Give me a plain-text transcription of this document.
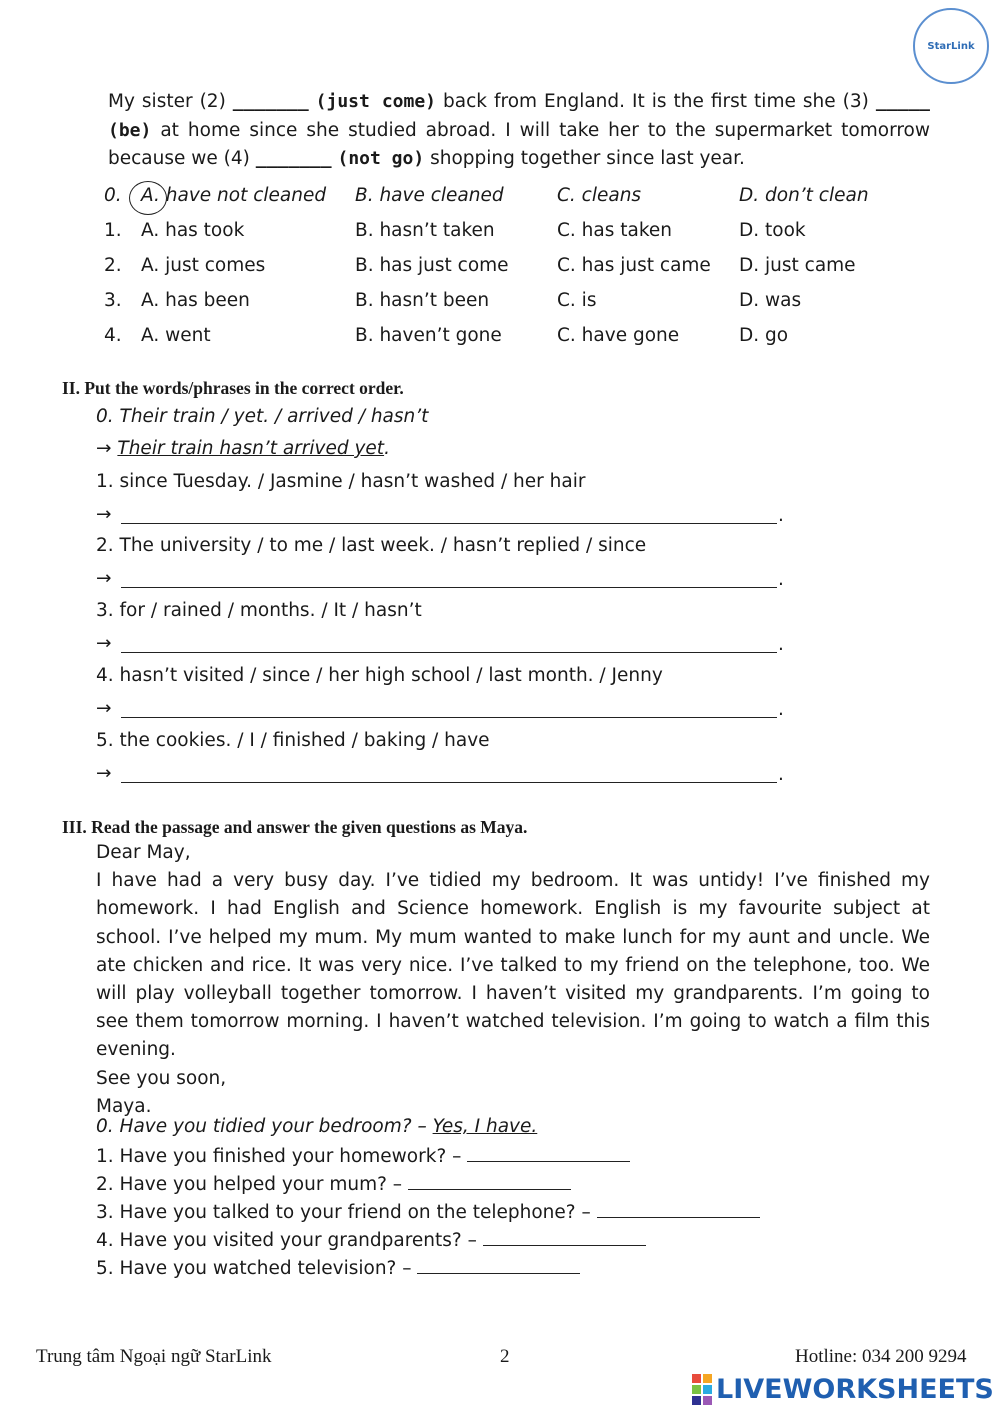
StarLink
My sister (2) _______ (just come) back from England. It is the first time she (3) _____ (be) at home since she studied abroad. I will take her to the supermarket tomorrow because we (4) _______ (not go) shopping together since last year.
0. A. have not cleaned B. have cleaned	C. cleans	D. don’t clean
1. A. has took	B. hasn’t taken	C. has taken	D. took
2. A. just comes	B. has just come	C. has just came D. just came
3. A. has been	B. hasn’t been	C. is	D. was
4. A. went	B. haven’t gone	C. have gone	D. go
II. Put the words/phrases in the correct order.
0. Their train / yet. / arrived / hasn’t
→ Their train hasn’t arrived yet.
1. since Tuesday. / Jasmine / hasn’t washed / her hair
→	.
2. The university / to me / last week. / hasn’t replied / since
→	.
3. for / rained / months. / It / hasn’t
→	.
4. hasn’t visited / since / her high school / last month. / Jenny
→	.
5. the cookies. / I / finished / baking / have
→	.
III. Read the passage and answer the given questions as Maya.
Dear May,
I have had a very busy day. I’ve tidied my bedroom. It was untidy! I’ve finished my homework. I had English and Science homework. English is my favourite subject at school. I’ve helped my mum. My mum wanted to make lunch for my aunt and uncle. We ate chicken and rice. It was very nice. I’ve talked to my friend on the telephone, too. We will play volleyball together tomorrow. I haven’t visited my grandparents. I’m going to see them tomorrow morning. I haven’t watched television. I’m going to watch a film this evening.
See you soon,
Maya.
0. Have you tidied your bedroom? – Yes, I have.
1. Have you finished your homework? –
2. Have you helped your mum? –
3. Have you talked to your friend on the telephone? –
4. Have you visited your grandparents? –
5. Have you watched television? –
Trung tâm Ngoại ngữ StarLink	2	Hotline: 034 200 9294
LIVEWORKSHEETS
